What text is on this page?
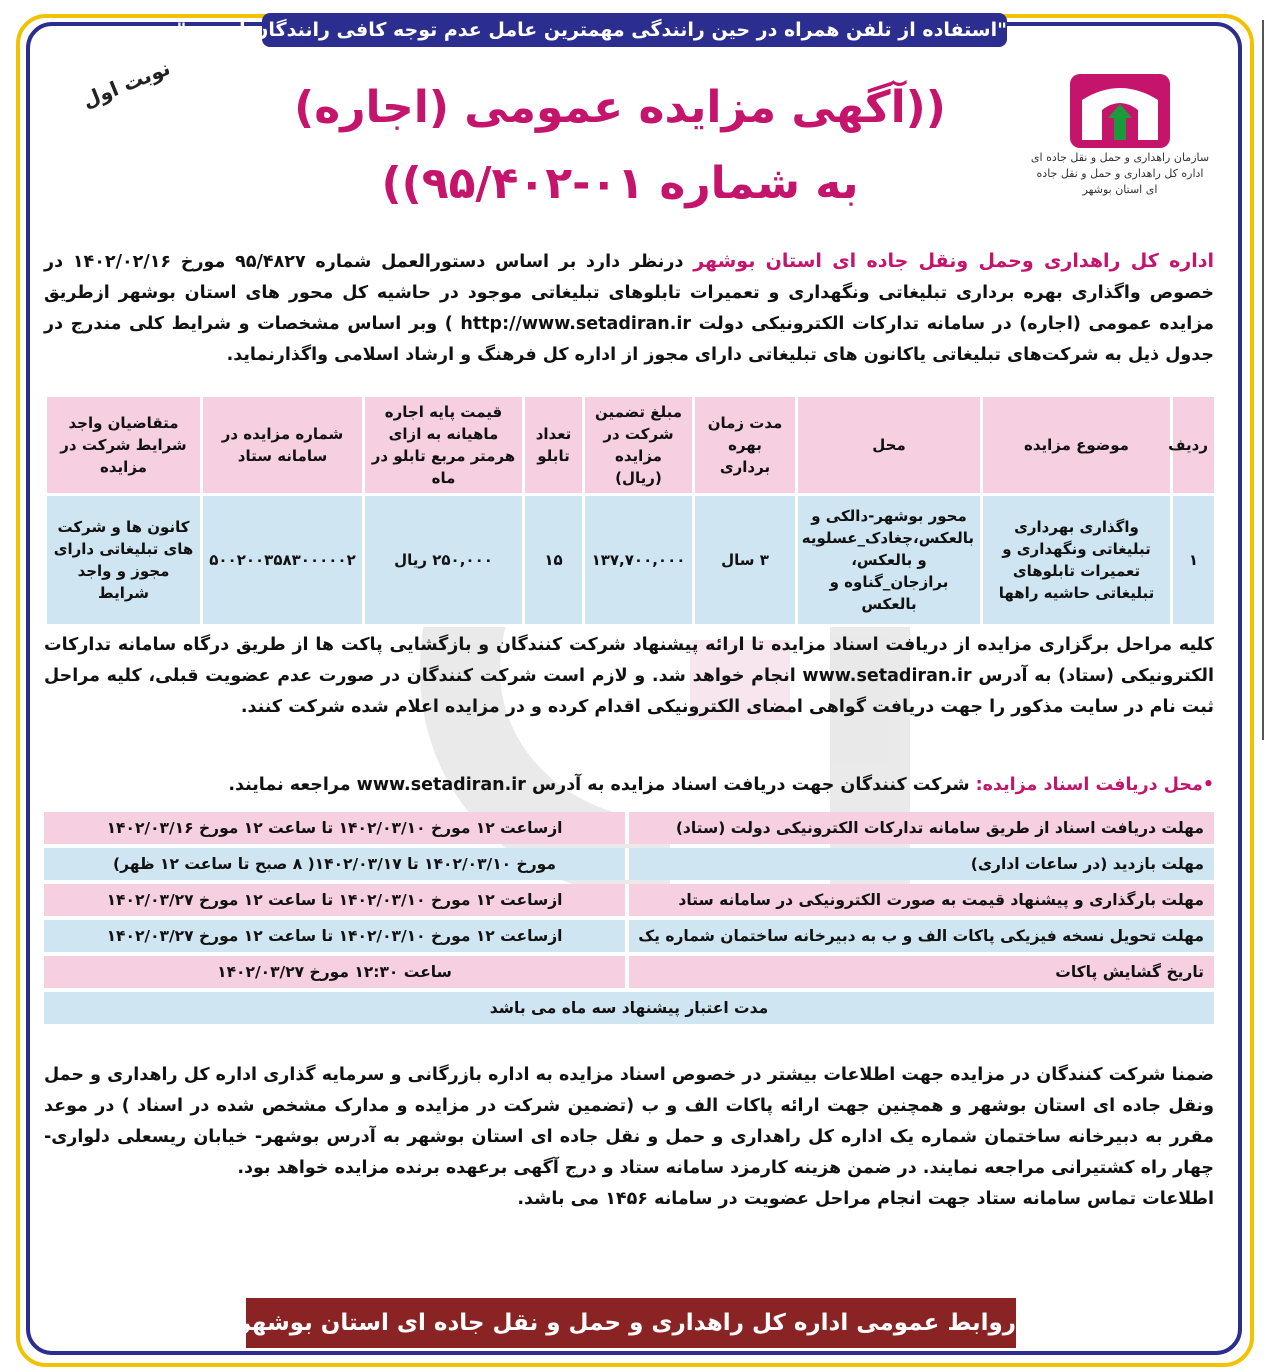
"استفاده از تلفن همراه در حین رانندگی مهمترین عامل عدم توجه کافی رانندگان است ."
سازمان راهداری و حمل و نقل جاده ای
اداره کل راهداری و حمل و نقل جاده ای استان بوشهر
نوبت اول	((آگهی مزایده عمومی (اجاره)
به شماره ۰۱-۹۵/۴۰۲))
اداره کل راهداری وحمل ونقل جاده ای استان بوشهر درنظر دارد بر اساس دستورالعمل شماره ۹۵/۴۸۲۷ مورخ ۱۴۰۲/۰۲/۱۶ در خصوص واگذاری بهره برداری تبلیغاتی ونگهداری و تعمیرات تابلوهای تبلیغاتی موجود در حاشیه کل محور های استان بوشهر ازطریق مزایده عمومی (اجاره) در سامانه تدارکات الکترونیکی دولت http://www.setadiran.ir ) وبر اساس مشخصات و شرایط کلی مندرج در جدول ذیل به شرکت‌های تبلیغاتی یاکانون های تبلیغاتی دارای مجوز از اداره کل فرهنگ و ارشاد اسلامی واگذارنماید.
ردیف	موضوع مزایده	محل	مدت زمان بهره برداری	مبلغ تضمین شرکت در مزایده (ریال)	تعداد تابلو	قیمت پایه اجاره ماهیانه به ازای هرمتر مربع تابلو در ماه	شماره مزایده در سامانه ستاد	متقاضیان واجد شرایط شرکت در مزایده
۱	واگذاری بهرداری تبلیغاتی ونگهداری و تعمیرات تابلوهای تبلیغاتی حاشیه راهها	محور بوشهر-دالکی و بالعکس،چغادک_عسلویه و بالعکس، برازجان_گناوه و بالعکس	۳ سال	۱۳۷,۷۰۰,۰۰۰	۱۵	۲۵۰,۰۰۰ ریال	۵۰۰۲۰۰۳۵۸۳۰۰۰۰۰۲	کانون ها و شرکت های تبلیغاتی دارای مجوز و واجد شرایط
کلیه مراحل برگزاری مزایده از دریافت اسناد مزایده تا ارائه پیشنهاد شرکت کنندگان و بازگشایی پاکت ها از طریق درگاه سامانه تدارکات الکترونیکی (ستاد) به آدرس www.setadiran.ir انجام خواهد شد. و لازم است شرکت کنندگان در صورت عدم عضویت قبلی، کلیه مراحل ثبت نام در سایت مذکور را جهت دریافت گواهی امضای الکترونیکی اقدام کرده و در مزایده اعلام شده شرکت کنند.
•محل دریافت اسناد مزایده: شرکت کنندگان جهت دریافت اسناد مزایده به آدرس www.setadiran.ir مراجعه نمایند.
مهلت دریافت اسناد از طریق سامانه تدارکات الکترونیکی دولت (ستاد)	ازساعت ۱۲ مورخ ۱۴۰۲/۰۳/۱۰ تا ساعت ۱۲ مورخ ۱۴۰۲/۰۳/۱۶
مهلت بازدید (در ساعات اداری)	مورخ ۱۴۰۲/۰۳/۱۰ تا ۱۴۰۲/۰۳/۱۷( ۸ صبح تا ساعت ۱۲ ظهر)
مهلت بارگذاری و پیشنهاد قیمت به صورت الکترونیکی در سامانه ستاد	ازساعت ۱۲ مورخ ۱۴۰۲/۰۳/۱۰ تا ساعت ۱۲ مورخ ۱۴۰۲/۰۳/۲۷
مهلت تحویل نسخه فیزیکی پاکات الف و ب به دبیرخانه ساختمان شماره یک	ازساعت ۱۲ مورخ ۱۴۰۲/۰۳/۱۰ تا ساعت ۱۲ مورخ ۱۴۰۲/۰۳/۲۷
تاریخ گشایش پاکات	ساعت ۱۲:۳۰ مورخ ۱۴۰۲/۰۳/۲۷
مدت اعتبار پیشنهاد سه ماه می باشد	
ضمنا شرکت کنندگان در مزایده جهت اطلاعات بیشتر در خصوص اسناد مزایده به اداره بازرگانی و سرمایه گذاری اداره کل راهداری و حمل ونقل جاده ای استان بوشهر و همچنین جهت ارائه پاکات الف و ب (تضمین شرکت در مزایده و مدارک مشخص شده در اسناد ) در موعد مقرر به دبیرخانه ساختمان شماره یک اداره کل راهداری و حمل و نقل جاده ای استان بوشهر به آدرس بوشهر- خیابان ریسعلی دلواری- چهار راه کشتیرانی مراجعه نمایند. در ضمن هزینه کارمزد سامانه ستاد و درج آگهی برعهده برنده مزایده خواهد بود.
اطلاعات تماس سامانه ستاد جهت انجام مراحل عضویت در سامانه ۱۴۵۶ می باشد.
روابط عمومی اداره کل راهداری و حمل و نقل جاده ای استان بوشهر
